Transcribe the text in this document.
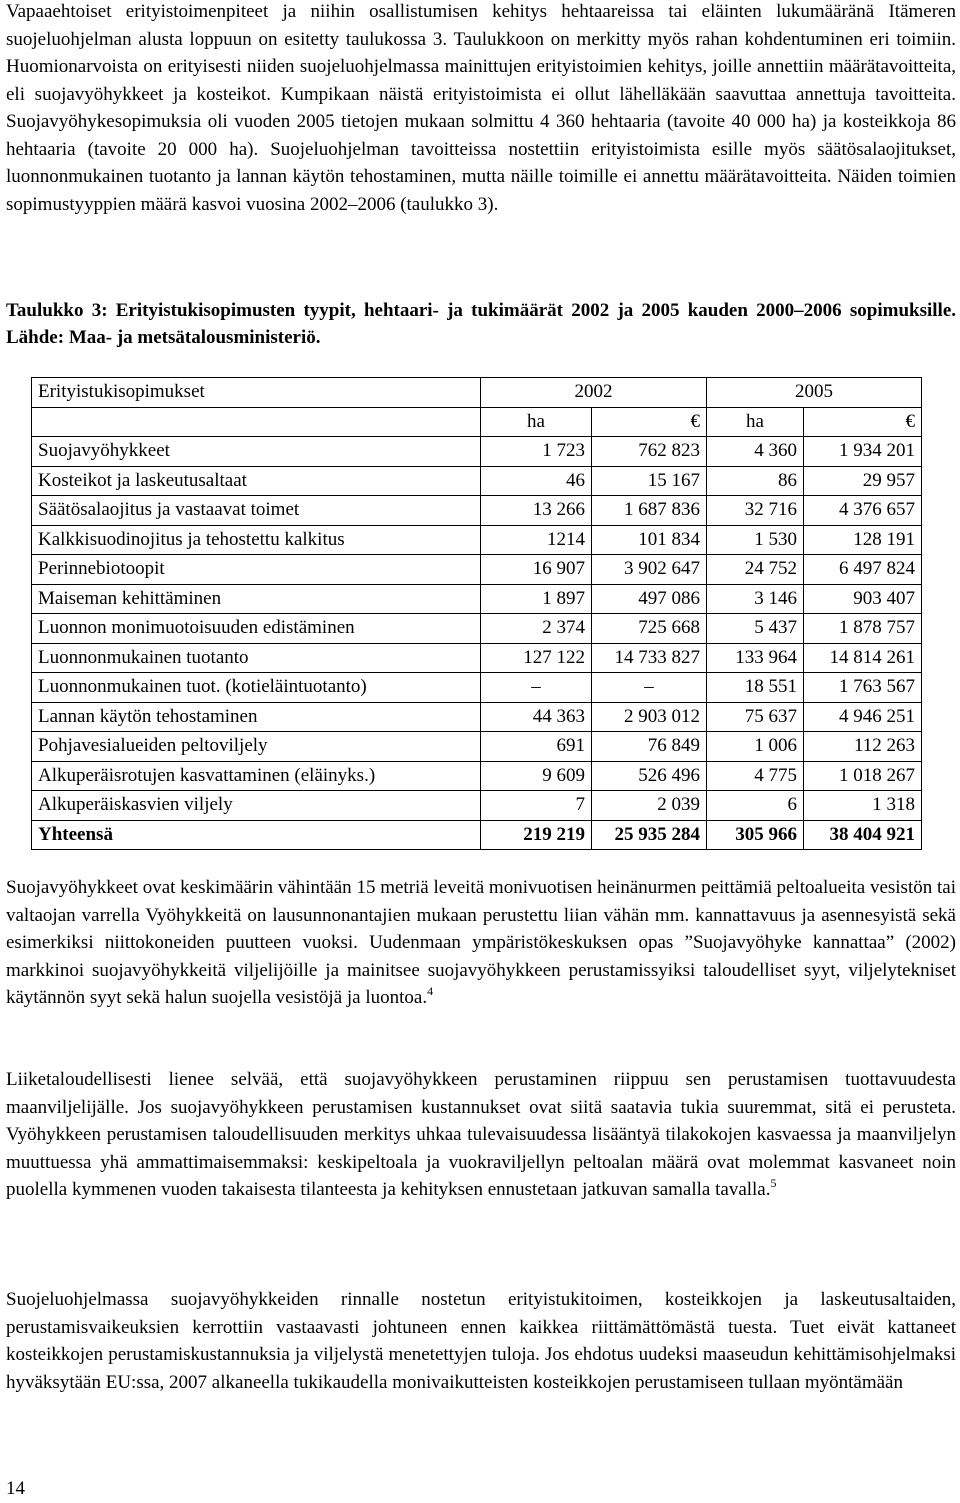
Vapaaehtoiset erityistoimenpiteet ja niihin osallistumisen kehitys hehtaareissa tai eläinten lukumääränä Itämeren suojeluohjelman alusta loppuun on esitetty taulukossa 3. Taulukkoon on merkitty myös rahan kohdentuminen eri toimiin. Huomionarvoista on erityisesti niiden suojeluohjelmassa mainittujen erityistoimien kehitys, joille annettiin määrätavoitteita, eli suojavyöhykkeet ja kosteikot. Kumpikaan näistä erityistoimista ei ollut lähelläkään saavuttaa annettuja tavoitteita. Suojavyöhykesopimuksia oli vuoden 2005 tietojen mukaan solmittu 4 360 hehtaaria (tavoite 40 000 ha) ja kosteikkoja 86 hehtaaria (tavoite 20 000 ha). Suojeluohjelman tavoitteissa nostettiin erityistoimista esille myös säätösalaojitukset, luonnonmukainen tuotanto ja lannan käytön tehostaminen, mutta näille toimille ei annettu määrätavoitteita. Näiden toimien sopimustyyppien määrä kasvoi vuosina 2002–2006 (taulukko 3).

Taulukko 3: Erityistukisopimusten tyypit, hehtaari- ja tukimäärät 2002 ja 2005 kauden 2000–2006 sopimuksille. Lähde: Maa- ja metsätalousministeriö.

Erityistukisopimukset	2002		2005	
	ha	€	ha	€
Suojavyöhykkeet	1 723	762 823	4 360	1 934 201
Kosteikot ja laskeutusaltaat	46	15 167	86	29 957
Säätösalaojitus ja vastaavat toimet	13 266	1 687 836	32 716	4 376 657
Kalkkisuodinojitus ja tehostettu kalkitus	1214	101 834	1 530	128 191
Perinnebiotoopit	16 907	3 902 647	24 752	6 497 824
Maiseman kehittäminen	1 897	497 086	3 146	903 407
Luonnon monimuotoisuuden edistäminen	2 374	725 668	5 437	1 878 757
Luonnonmukainen tuotanto	127 122	14 733 827	133 964	14 814 261
Luonnonmukainen tuot. (kotieläintuotanto)	–	–	18 551	1 763 567
Lannan käytön tehostaminen	44 363	2 903 012	75 637	4 946 251
Pohjavesialueiden peltoviljely	691	76 849	1 006	112 263
Alkuperäisrotujen kasvattaminen (eläinyks.)	9 609	526 496	4 775	1 018 267
Alkuperäiskasvien viljely	7	2 039	6	1 318
Yhteensä	219 219	25 935 284	305 966	38 404 921

Suojavyöhykkeet ovat keskimäärin vähintään 15 metriä leveitä monivuotisen heinänurmen peittämiä peltoalueita vesistön tai valtaojan varrella Vyöhykkeitä on lausunnonantajien mukaan perustettu liian vähän mm. kannattavuus ja asennesyistä sekä esimerkiksi niittokoneiden puutteen vuoksi. Uudenmaan ympäristökeskuksen opas ”Suojavyöhyke kannattaa” (2002) markkinoi suojavyöhykkeitä viljelijöille ja mainitsee suojavyöhykkeen perustamissyiksi taloudelliset syyt, viljelytekniset käytännön syyt sekä halun suojella vesistöjä ja luontoa.$^4$

Liiketaloudellisesti lienee selvää, että suojavyöhykkeen perustaminen riippuu sen perustamisen tuottavuudesta maanviljelijälle. Jos suojavyöhykkeen perustamisen kustannukset ovat siitä saatavia tukia suuremmat, sitä ei perusteta. Vyöhykkeen perustamisen taloudellisuuden merkitys uhkaa tulevaisuudessa lisääntyä tilakokojen kasvaessa ja maanviljelyn muuttuessa yhä ammattimaisemmaksi: keskipeltoala ja vuokraviljellyn peltoalan määrä ovat molemmat kasvaneet noin puolella kymmenen vuoden takaisesta tilanteesta ja kehityksen ennustetaan jatkuvan samalla tavalla.$^5$

Suojeluohjelmassa suojavyöhykkeiden rinnalle nostetun erityistukitoimen, kosteikkojen ja laskeutusaltaiden, perustamisvaikeuksien kerrottiin vastaavasti johtuneen ennen kaikkea riittämättömästä tuesta. Tuet eivät kattaneet kosteikkojen perustamiskustannuksia ja viljelystä menetettyjen tuloja. Jos ehdotus uudeksi maaseudun kehittämisohjelmaksi hyväksytään EU:ssa, 2007 alkaneella tukikaudella monivaikutteisten kosteikkojen perustamiseen tullaan myöntämään

14
